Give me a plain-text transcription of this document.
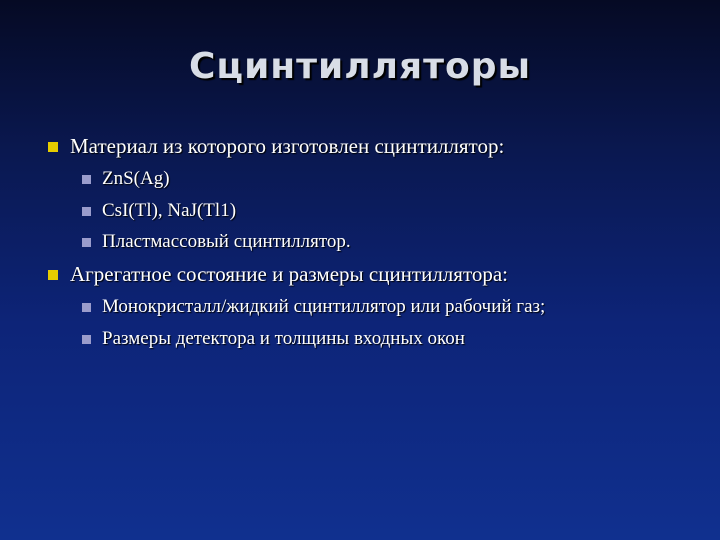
Сцинтилляторы
Материал из которого изготовлен сцинтиллятор:
ZnS(Ag)
CsI(Tl), NaJ(Tl1)
Пластмассовый сцинтиллятор.
Агрегатное состояние и размеры сцинтиллятора:
Монокристалл/жидкий сцинтиллятор или рабочий газ;
Размеры детектора и толщины входных окон
